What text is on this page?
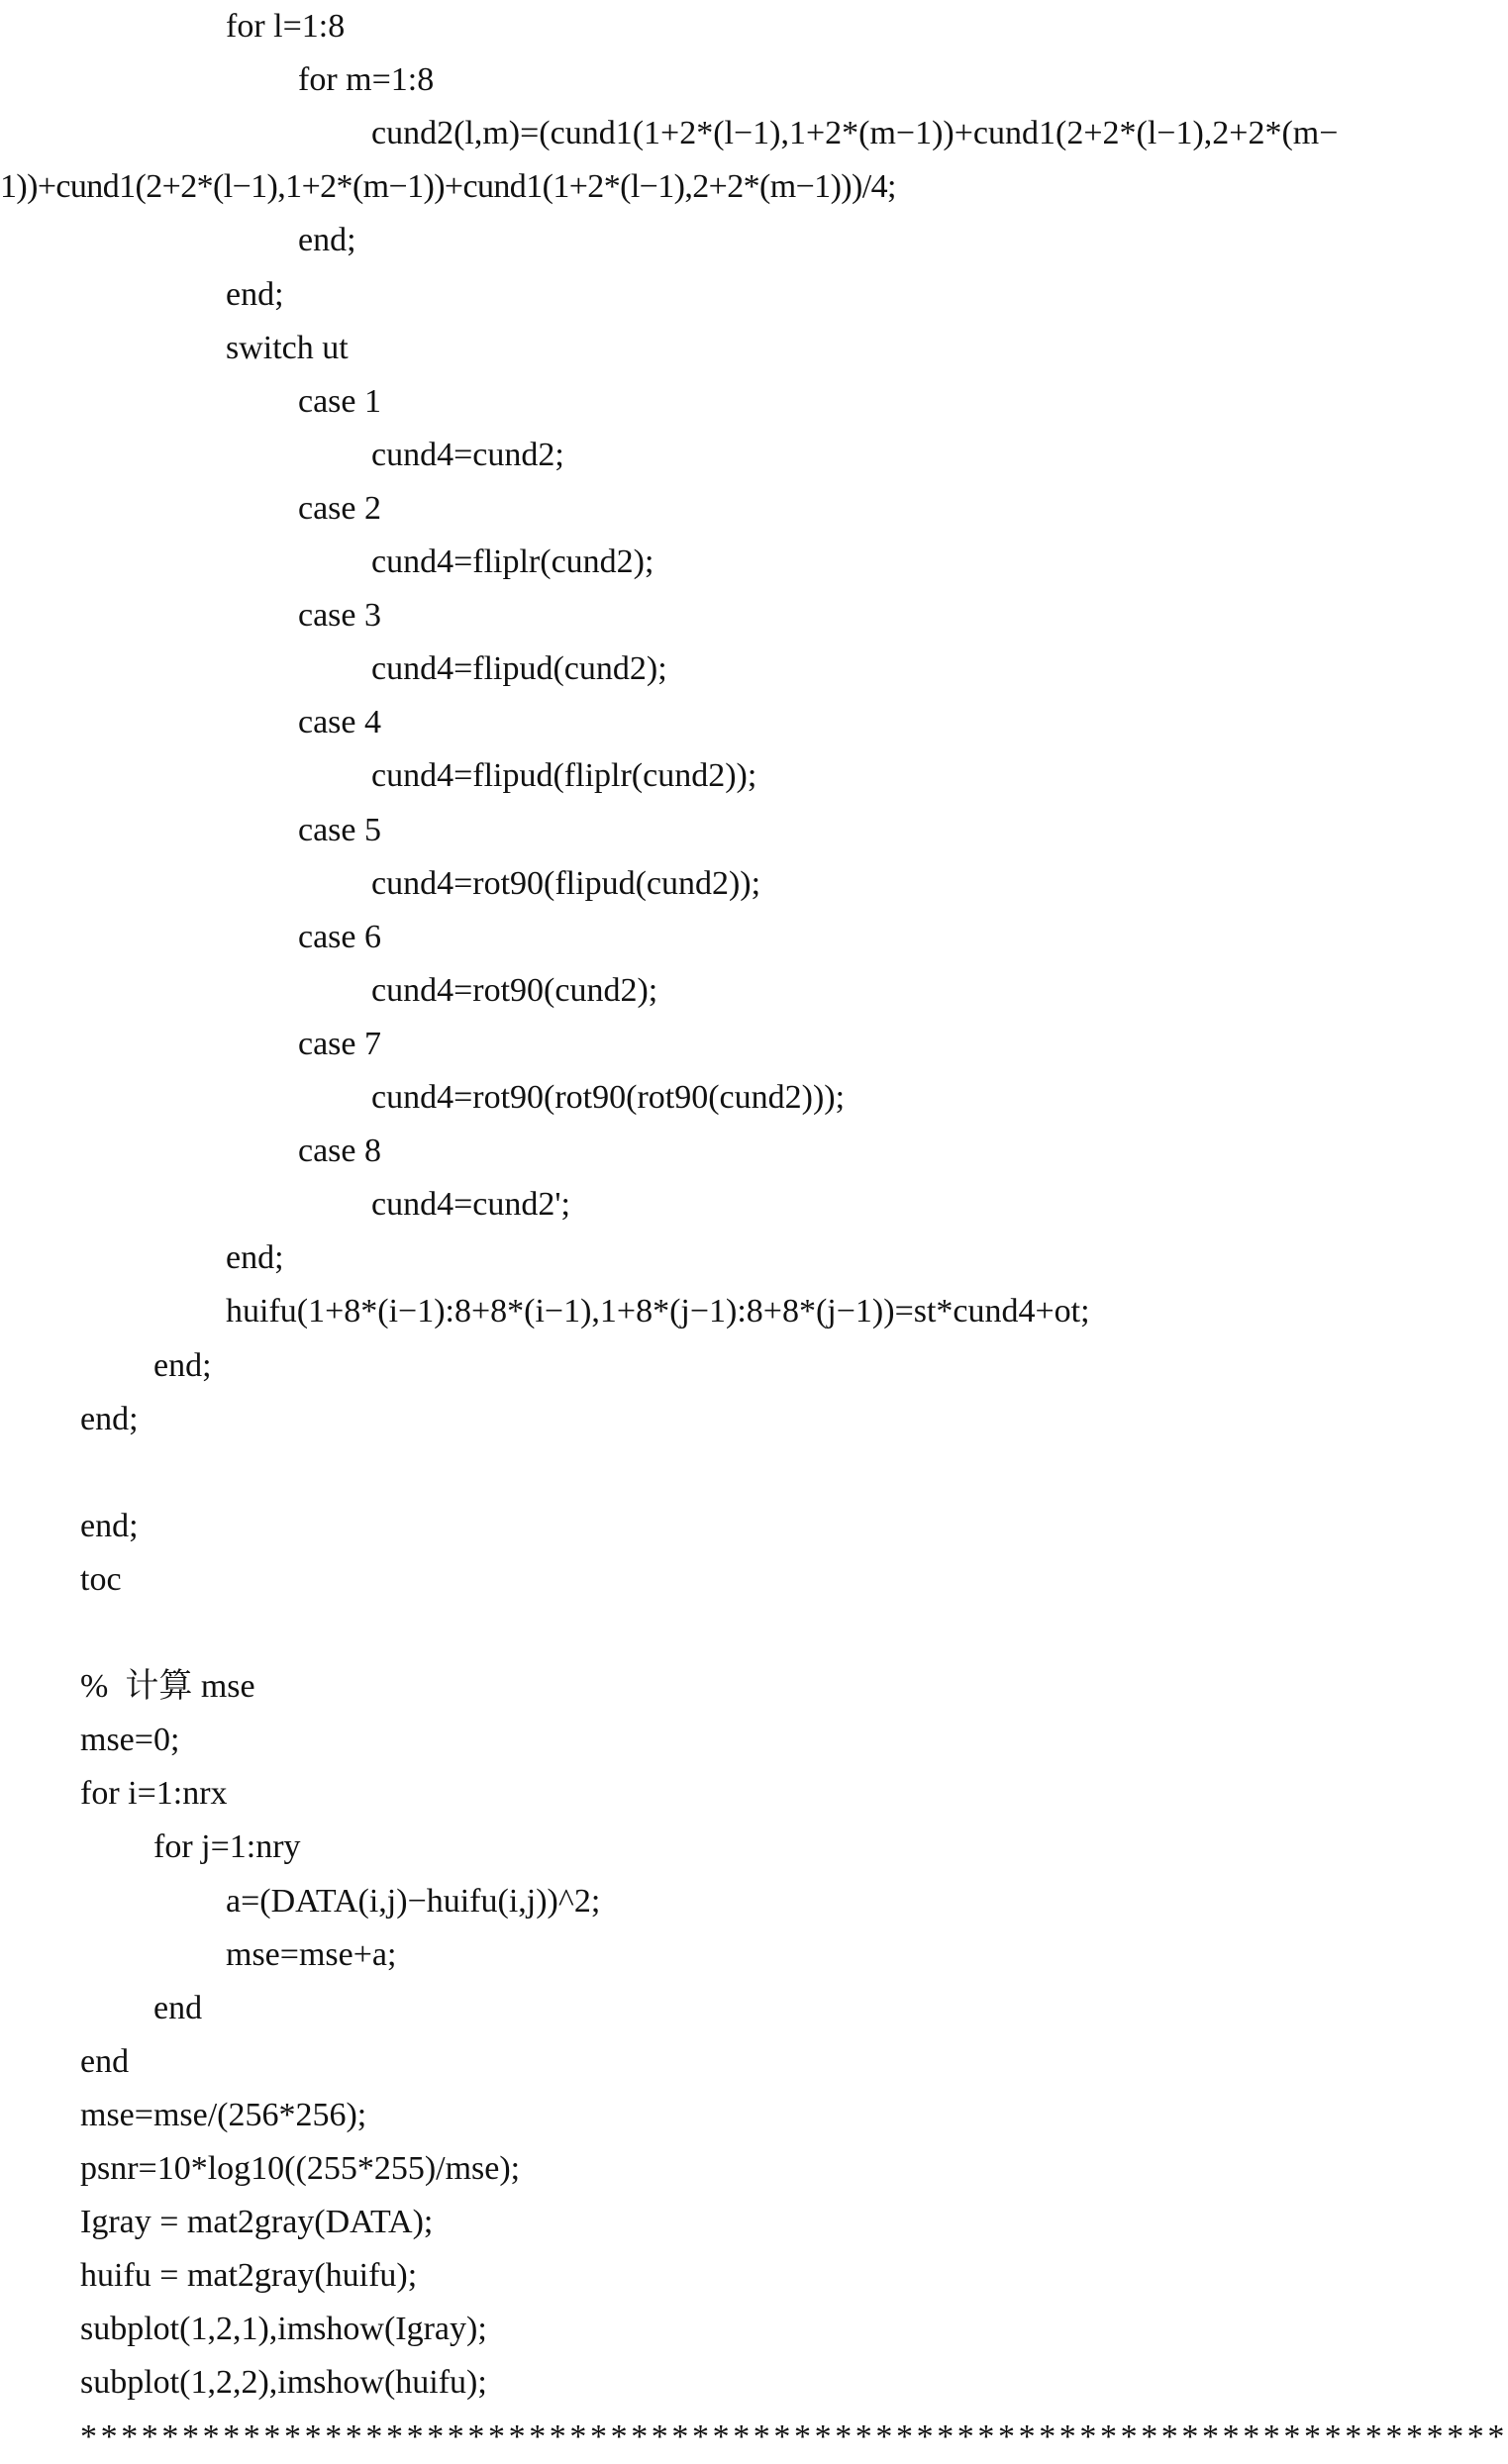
for l=1:8
for m=1:8
cund2(l,m)=(cund1(1+2*(l−1),1+2*(m−1))+cund1(2+2*(l−1),2+2*(m−
1))+cund1(2+2*(l−1),1+2*(m−1))+cund1(1+2*(l−1),2+2*(m−1)))/4;
end;
end;
switch ut
case 1
cund4=cund2;
case 2
cund4=fliplr(cund2);
case 3
cund4=flipud(cund2);
case 4
cund4=flipud(fliplr(cund2));
case 5
cund4=rot90(flipud(cund2));
case 6
cund4=rot90(cund2);
case 7
cund4=rot90(rot90(rot90(cund2)));
case 8
cund4=cund2';
end;
huifu(1+8*(i−1):8+8*(i−1),1+8*(j−1):8+8*(j−1))=st*cund4+ot;
end;
end;
end;
toc
%  计算 mse
mse=0;
for i=1:nrx
for j=1:nry
a=(DATA(i,j)−huifu(i,j))^2;
mse=mse+a;
end
end
mse=mse/(256*256);
psnr=10*log10((255*255)/mse);
Igray = mat2gray(DATA);
huifu = mat2gray(huifu);
subplot(1,2,1),imshow(Igray);
subplot(1,2,2),imshow(huifu);
**********************************************************************
